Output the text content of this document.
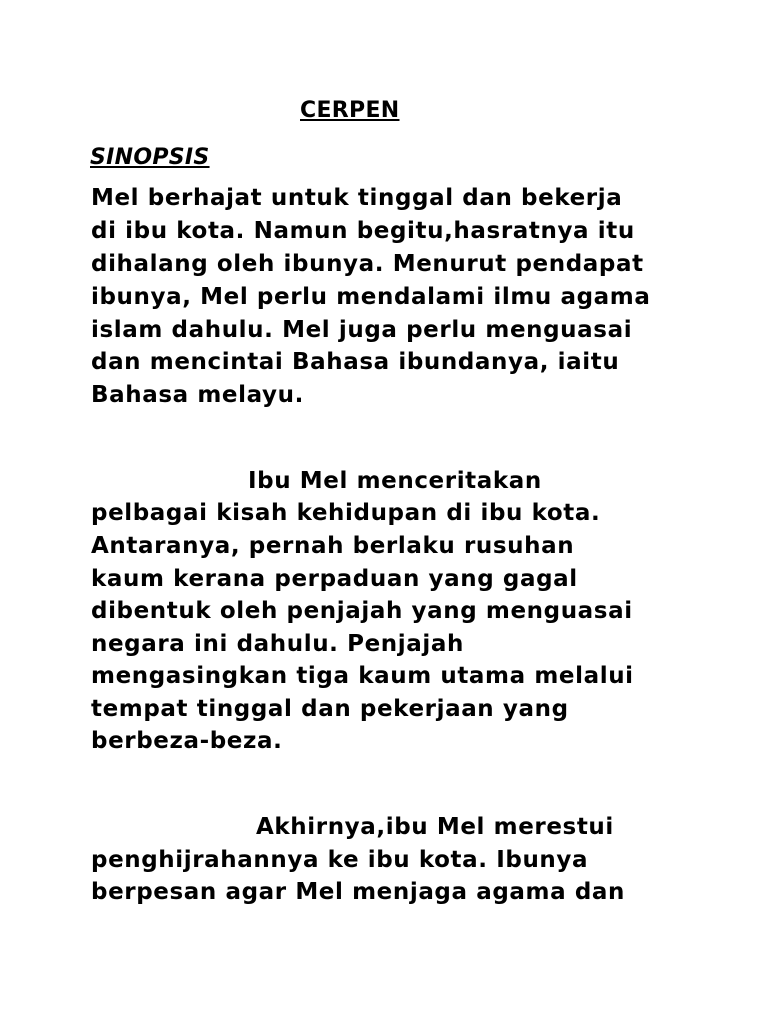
CERPEN
SINOPSIS
Mel berhajat untuk tinggal dan bekerja
di ibu kota. Namun begitu,hasratnya itu
dihalang oleh ibunya. Menurut pendapat
ibunya, Mel perlu mendalami ilmu agama
islam dahulu. Mel juga perlu menguasai
dan mencintai Bahasa ibundanya, iaitu
Bahasa melayu.
Ibu Mel menceritakan
pelbagai kisah kehidupan di ibu kota.
Antaranya, pernah berlaku rusuhan
kaum kerana perpaduan yang gagal
dibentuk oleh penjajah yang menguasai
negara ini dahulu. Penjajah
mengasingkan tiga kaum utama melalui
tempat tinggal dan pekerjaan yang
berbeza-beza.
Akhirnya,ibu Mel merestui
penghijrahannya ke ibu kota. Ibunya
berpesan agar Mel menjaga agama dan
